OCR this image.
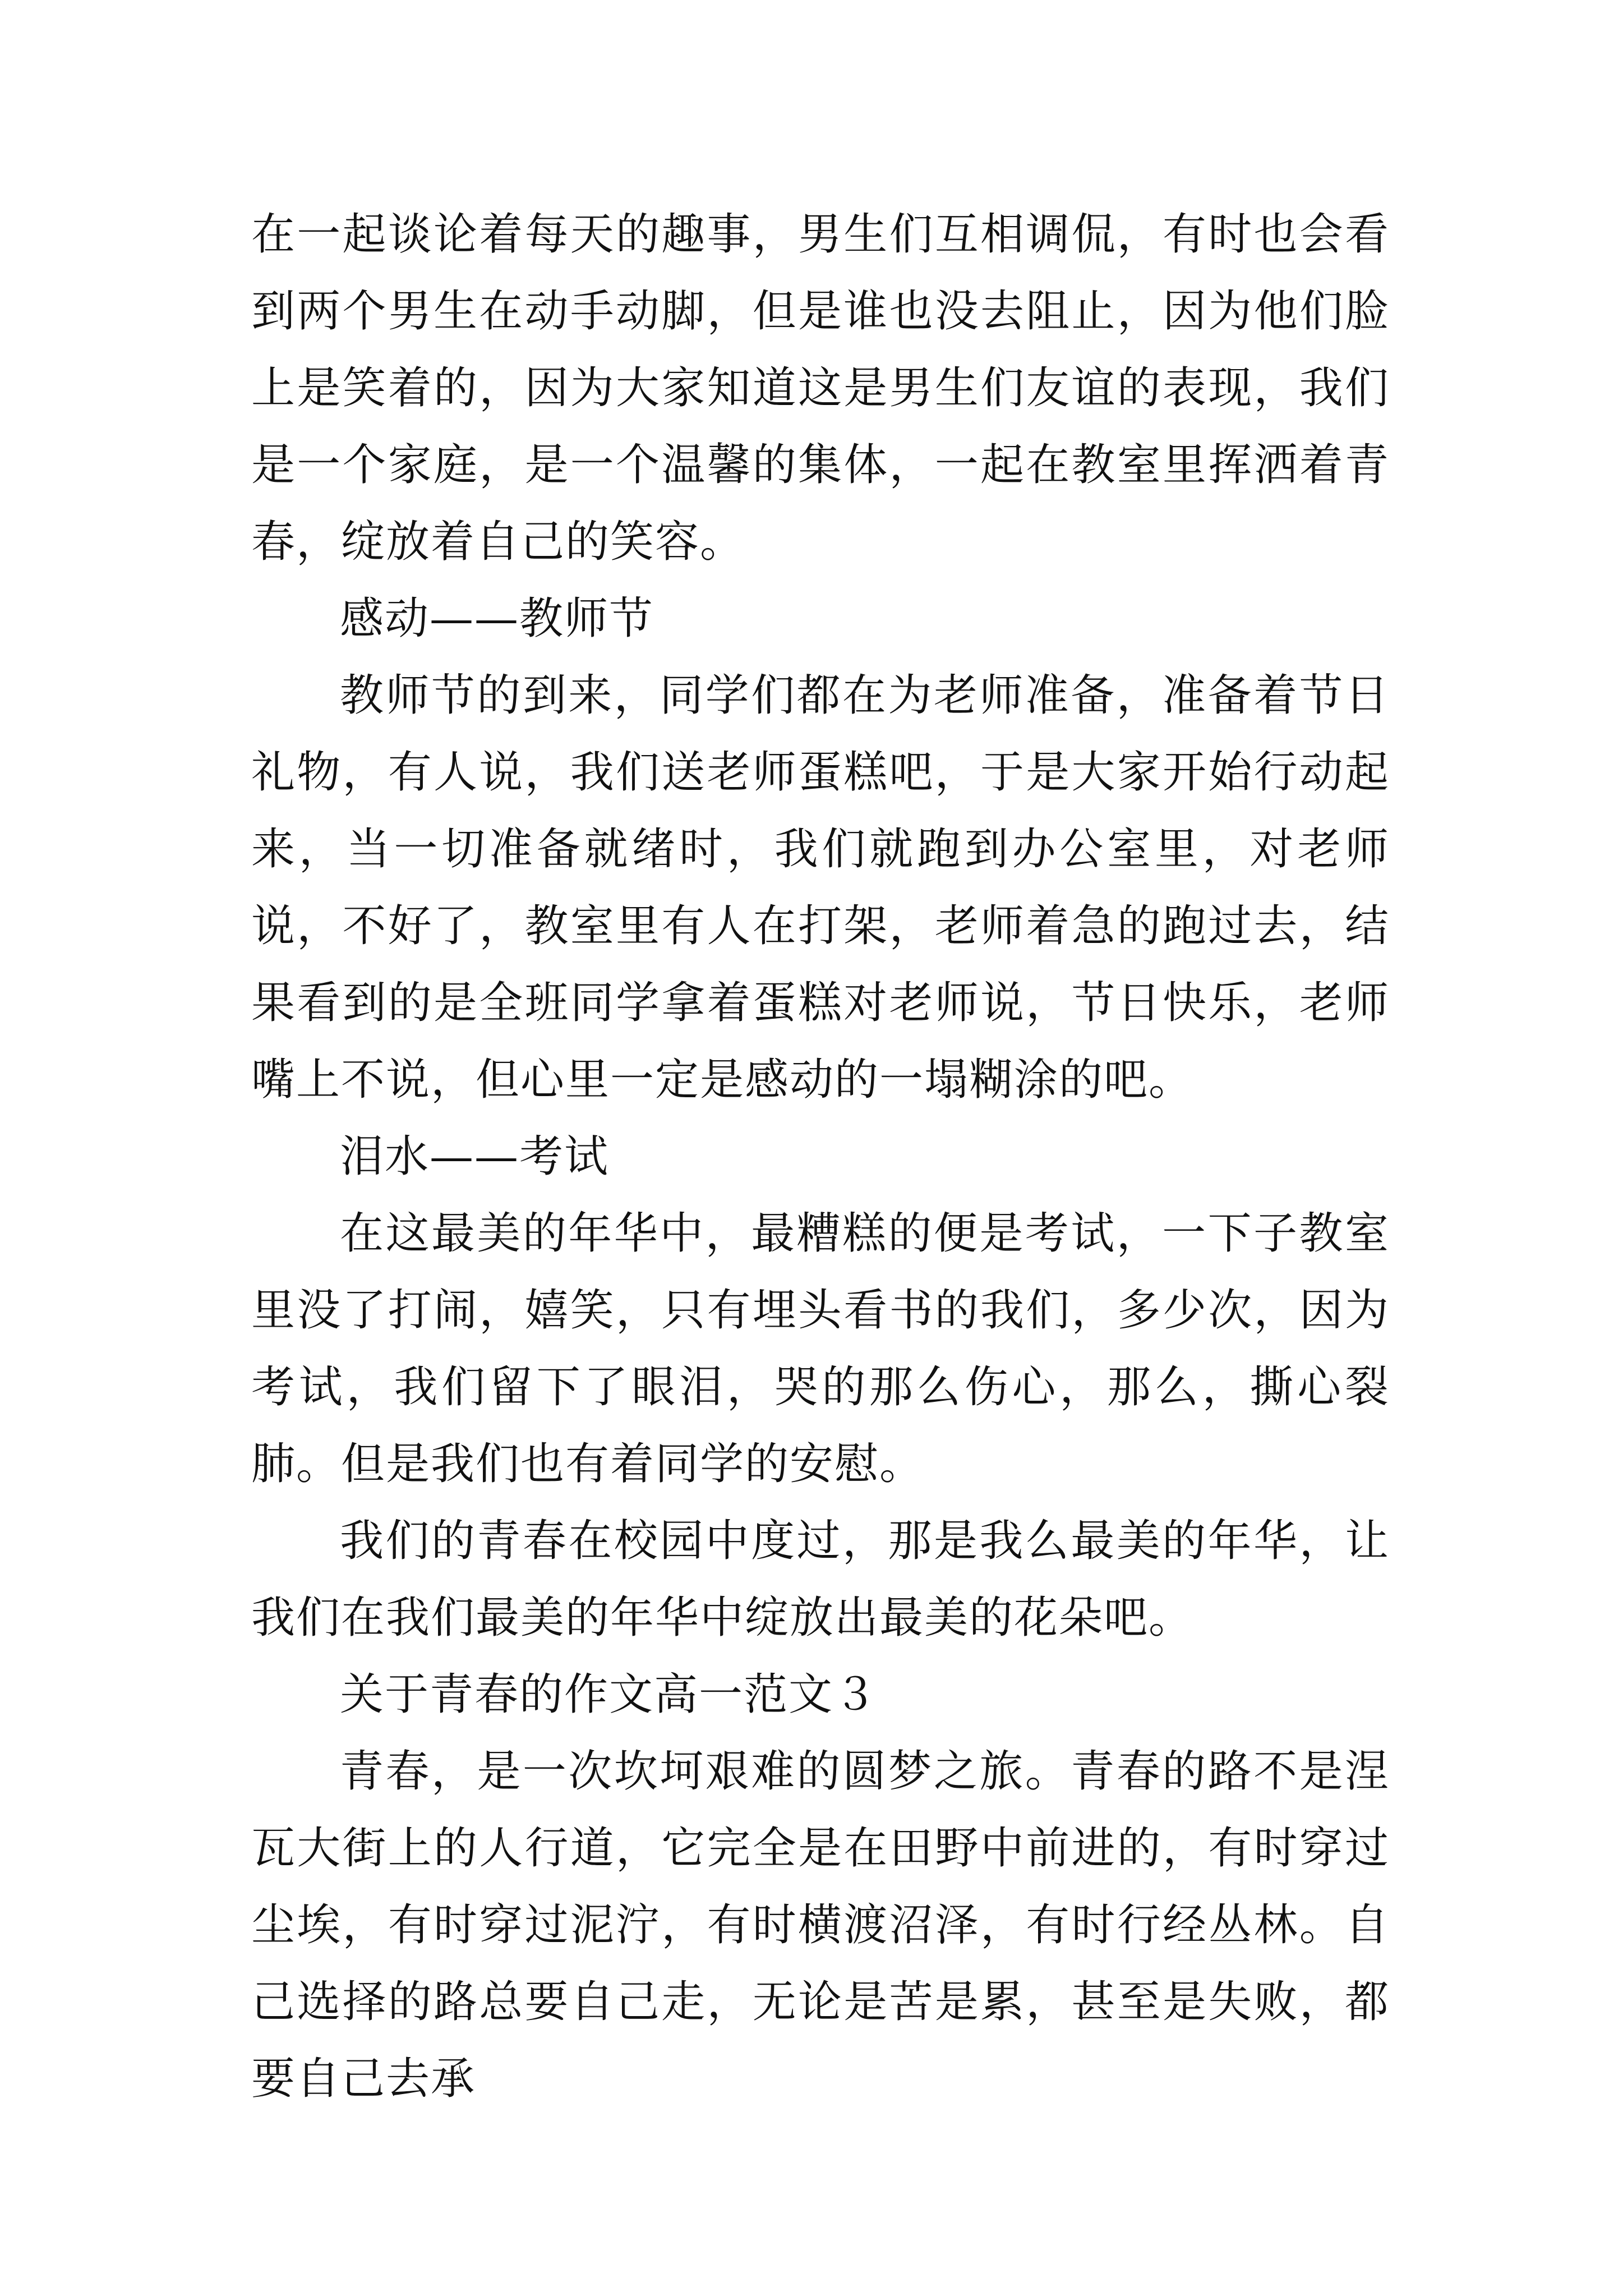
在一起谈论着每天的趣事，男生们互相调侃，有时也会看到两个男生在动手动脚，但是谁也没去阻止，因为他们脸上是笑着的，因为大家知道这是男生们友谊的表现，我们是一个家庭，是一个温馨的集体，一起在教室里挥洒着青春，绽放着自己的笑容。

感动——教师节

教师节的到来，同学们都在为老师准备，准备着节日礼物，有人说，我们送老师蛋糕吧，于是大家开始行动起来，当一切准备就绪时，我们就跑到办公室里，对老师说，不好了，教室里有人在打架，老师着急的跑过去，结果看到的是全班同学拿着蛋糕对老师说，节日快乐，老师嘴上不说，但心里一定是感动的一塌糊涂的吧。

泪水——考试

在这最美的年华中，最糟糕的便是考试，一下子教室里没了打闹，嬉笑，只有埋头看书的我们，多少次，因为考试，我们留下了眼泪，哭的那么伤心，那么，撕心裂肺。但是我们也有着同学的安慰。

我们的青春在校园中度过，那是我么最美的年华，让我们在我们最美的年华中绽放出最美的花朵吧。

关于青春的作文高一范文３

青春，是一次坎坷艰难的圆梦之旅。青春的路不是涅瓦大街上的人行道，它完全是在田野中前进的，有时穿过尘埃，有时穿过泥泞，有时横渡沼泽，有时行经丛林。自己选择的路总要自己走，无论是苦是累，甚至是失败，都要自己去承
